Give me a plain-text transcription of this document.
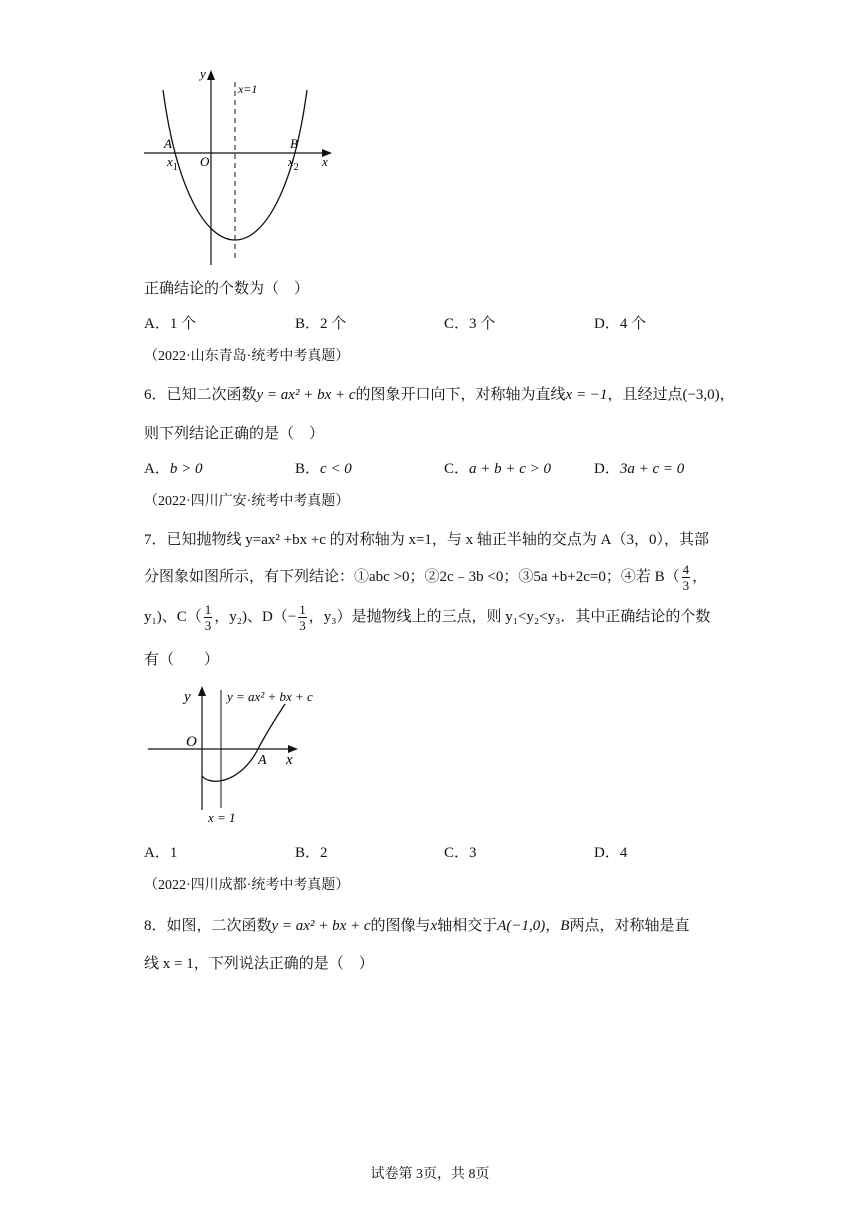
y
x
x=1
A	B
$x_1$ O	$x_2$
正确结论的个数为（　）
A．1 个	B．2 个	C．3 个	D．4 个
（2022·山东青岛·统考中考真题）
6．已知二次函数y = ax² + bx + c的图象开口向下，对称轴为直线x = −1，且经过点(−3,0)，
则下列结论正确的是（　）
A．b > 0	B．c < 0	C．a + b + c > 0	D．3a + c = 0
（2022·四川广安·统考中考真题）
7．已知抛物线 y=ax² +bx +c 的对称轴为 x=1，与 x 轴正半轴的交点为 A（3，0），其部
分图象如图所示，有下列结论：①abc >0；②2c﹣3b <0；③5a +b+2c=0；④若 $B( \frac{4}{3}$ ，
y₁)、$C( \frac{1}{3}$ ，y₂)、$D(- \frac{1}{3}$ ，y₃）是抛物线上的三点，则 y₁<y₂<y₃．其中正确结论的个数
有（　　）
y
x
O
A
y = ax² + bx + c
x = 1
A．1	B．2	C．3	D．4
（2022·四川成都·统考中考真题）
8．如图，二次函数y = ax² + bx + c的图像与x轴相交于A(−1,0)，B两点，对称轴是直
线 x = 1，下列说法正确的是（　）
试卷第 3页，共 8页
